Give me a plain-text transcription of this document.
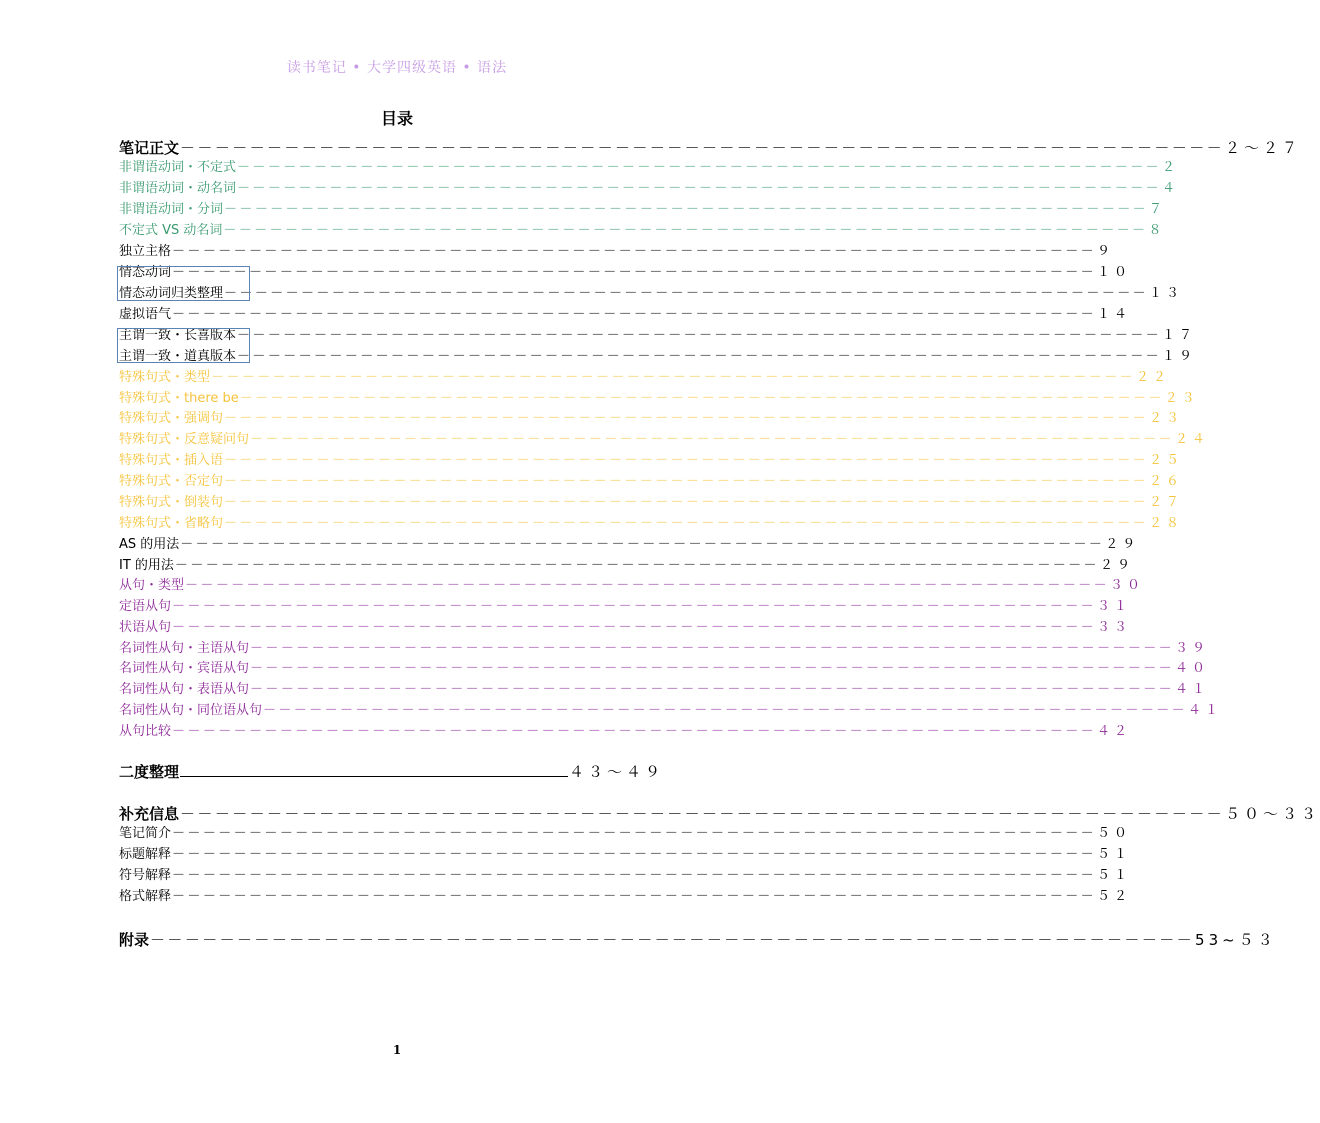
读书笔记 • 大学四级英语 • 语法
目录
笔记正文 －－－－－－－－－－－－－－－－－－－－－－－－－－－－－－－－－－－－－－－－－－－－－－－－－－－－－－－－－－－－ ２～２７
非谓语动词・不定式 －－－－－－－－－－－－－－－－－－－－－－－－－－－－－－－－－－－－－－－－－－－－－－－－－－－－－－－－－－－－ ２
非谓语动词・动名词 －－－－－－－－－－－－－－－－－－－－－－－－－－－－－－－－－－－－－－－－－－－－－－－－－－－－－－－－－－－－ ４
非谓语动词・分词 －－－－－－－－－－－－－－－－－－－－－－－－－－－－－－－－－－－－－－－－－－－－－－－－－－－－－－－－－－－－ ７
不定式 VS 动名词 －－－－－－－－－－－－－－－－－－－－－－－－－－－－－－－－－－－－－－－－－－－－－－－－－－－－－－－－－－－－ ８
独立主格 －－－－－－－－－－－－－－－－－－－－－－－－－－－－－－－－－－－－－－－－－－－－－－－－－－－－－－－－－－－－ ９
情态动词 －－－－－－－－－－－－－－－－－－－－－－－－－－－－－－－－－－－－－－－－－－－－－－－－－－－－－－－－－－－－ １０
情态动词归类整理 －－－－－－－－－－－－－－－－－－－－－－－－－－－－－－－－－－－－－－－－－－－－－－－－－－－－－－－－－－－－ １３
虚拟语气 －－－－－－－－－－－－－－－－－－－－－－－－－－－－－－－－－－－－－－－－－－－－－－－－－－－－－－－－－－－－ １４
主谓一致・长喜版本 －－－－－－－－－－－－－－－－－－－－－－－－－－－－－－－－－－－－－－－－－－－－－－－－－－－－－－－－－－－－ １７
主谓一致・道真版本 －－－－－－－－－－－－－－－－－－－－－－－－－－－－－－－－－－－－－－－－－－－－－－－－－－－－－－－－－－－－ １９
特殊句式・类型 －－－－－－－－－－－－－－－－－－－－－－－－－－－－－－－－－－－－－－－－－－－－－－－－－－－－－－－－－－－－ ２２
特殊句式・there be －－－－－－－－－－－－－－－－－－－－－－－－－－－－－－－－－－－－－－－－－－－－－－－－－－－－－－－－－－－－ ２３
特殊句式・强调句 －－－－－－－－－－－－－－－－－－－－－－－－－－－－－－－－－－－－－－－－－－－－－－－－－－－－－－－－－－－－ ２３
特殊句式・反意疑问句 －－－－－－－－－－－－－－－－－－－－－－－－－－－－－－－－－－－－－－－－－－－－－－－－－－－－－－－－－－－－ ２４
特殊句式・插入语 －－－－－－－－－－－－－－－－－－－－－－－－－－－－－－－－－－－－－－－－－－－－－－－－－－－－－－－－－－－－ ２５
特殊句式・否定句 －－－－－－－－－－－－－－－－－－－－－－－－－－－－－－－－－－－－－－－－－－－－－－－－－－－－－－－－－－－－ ２６
特殊句式・倒装句 －－－－－－－－－－－－－－－－－－－－－－－－－－－－－－－－－－－－－－－－－－－－－－－－－－－－－－－－－－－－ ２７
特殊句式・省略句 －－－－－－－－－－－－－－－－－－－－－－－－－－－－－－－－－－－－－－－－－－－－－－－－－－－－－－－－－－－－ ２８
AS 的用法 －－－－－－－－－－－－－－－－－－－－－－－－－－－－－－－－－－－－－－－－－－－－－－－－－－－－－－－－－－－－ ２９
IT 的用法 －－－－－－－－－－－－－－－－－－－－－－－－－－－－－－－－－－－－－－－－－－－－－－－－－－－－－－－－－－－－ ２９
从句・类型 －－－－－－－－－－－－－－－－－－－－－－－－－－－－－－－－－－－－－－－－－－－－－－－－－－－－－－－－－－－－ ３０
定语从句 －－－－－－－－－－－－－－－－－－－－－－－－－－－－－－－－－－－－－－－－－－－－－－－－－－－－－－－－－－－－ ３１
状语从句 －－－－－－－－－－－－－－－－－－－－－－－－－－－－－－－－－－－－－－－－－－－－－－－－－－－－－－－－－－－－ ３３
名词性从句・主语从句 －－－－－－－－－－－－－－－－－－－－－－－－－－－－－－－－－－－－－－－－－－－－－－－－－－－－－－－－－－－－ ３９
名词性从句・宾语从句 －－－－－－－－－－－－－－－－－－－－－－－－－－－－－－－－－－－－－－－－－－－－－－－－－－－－－－－－－－－－ ４０
名词性从句・表语从句 －－－－－－－－－－－－－－－－－－－－－－－－－－－－－－－－－－－－－－－－－－－－－－－－－－－－－－－－－－－－ ４１
名词性从句・同位语从句 －－－－－－－－－－－－－－－－－－－－－－－－－－－－－－－－－－－－－－－－－－－－－－－－－－－－－－－－－－－－ ４１
从句比较 －－－－－－－－－－－－－－－－－－－－－－－－－－－－－－－－－－－－－－－－－－－－－－－－－－－－－－－－－－－－ ４２
二度整理	４３～４９
补充信息 －－－－－－－－－－－－－－－－－－－－－－－－－－－－－－－－－－－－－－－－－－－－－－－－－－－－－－－－－－－－ ５０～３３
笔记简介 －－－－－－－－－－－－－－－－－－－－－－－－－－－－－－－－－－－－－－－－－－－－－－－－－－－－－－－－－－－－ ５０
标题解释 －－－－－－－－－－－－－－－－－－－－－－－－－－－－－－－－－－－－－－－－－－－－－－－－－－－－－－－－－－－－ ５１
符号解释 －－－－－－－－－－－－－－－－－－－－－－－－－－－－－－－－－－－－－－－－－－－－－－－－－－－－－－－－－－－－ ５１
格式解释 －－－－－－－－－－－－－－－－－－－－－－－－－－－－－－－－－－－－－－－－－－－－－－－－－－－－－－－－－－－－ ５２
附录 －－－－－－－－－－－－－－－－－－－－－－－－－－－－－－－－－－－－－－－－－－－－－－－－－－－－－－－－－－－－ 53~５３
1
